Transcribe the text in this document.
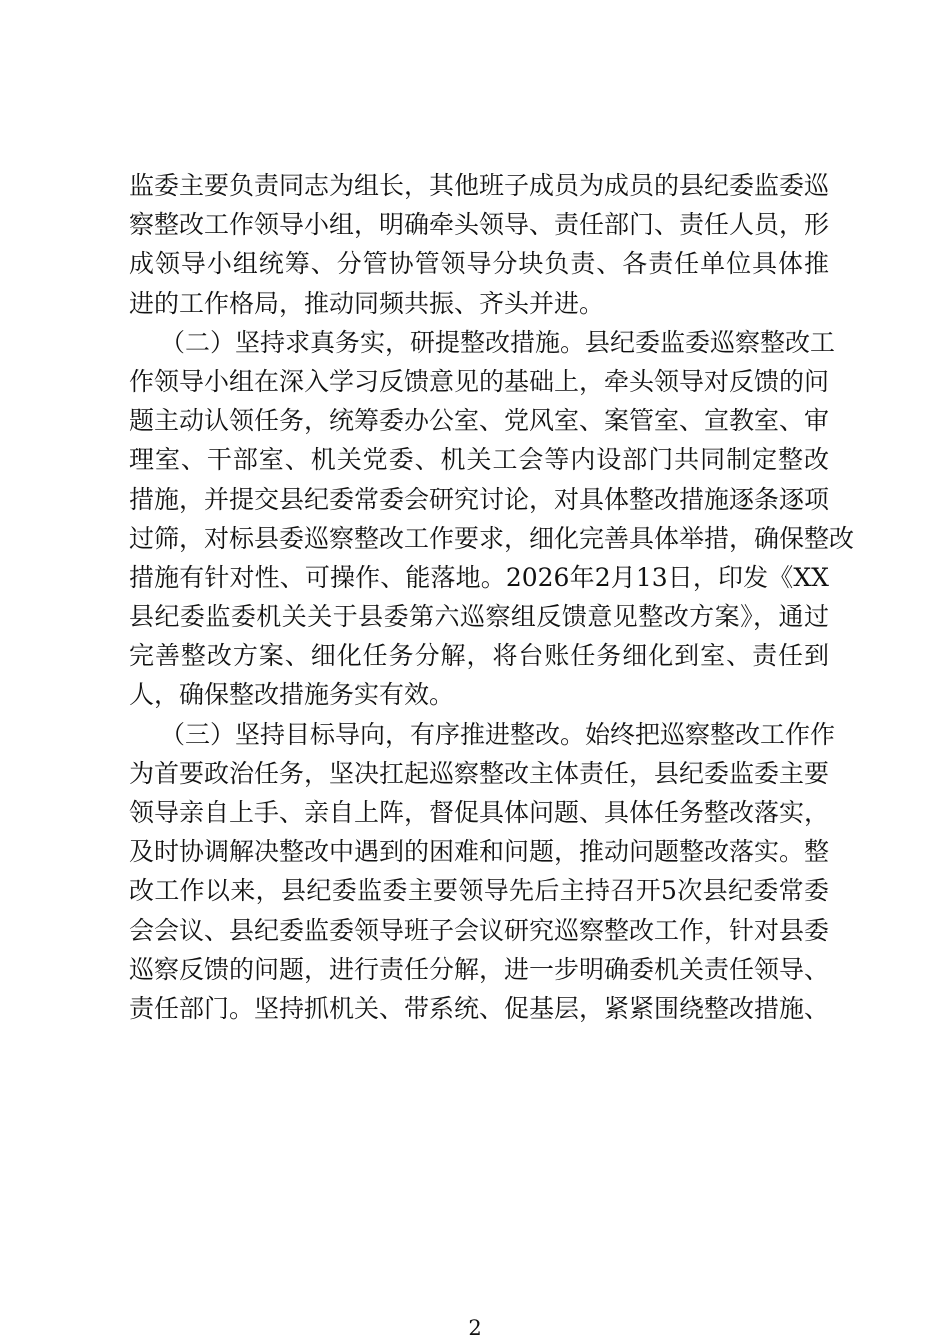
监委主要负责同志为组长，其他班子成员为成员的县纪委监委巡
察整改工作领导小组，明确牵头领导、责任部门、责任人员，形
成领导小组统筹、分管协管领导分块负责、各责任单位具体推
进的工作格局，推动同频共振、齐头并进。
（二）坚持求真务实，研提整改措施。县纪委监委巡察整改工
作领导小组在深入学习反馈意见的基础上，牵头领导对反馈的问
题主动认领任务，统筹委办公室、党风室、案管室、宣教室、审
理室、干部室、机关党委、机关工会等内设部门共同制定整改
措施，并提交县纪委常委会研究讨论，对具体整改措施逐条逐项
过筛，对标县委巡察整改工作要求，细化完善具体举措，确保整改
措施有针对性、可操作、能落地。2026年2月13日，印发《XX
县纪委监委机关关于县委第六巡察组反馈意见整改方案》，通过
完善整改方案、细化任务分解，将台账任务细化到室、责任到
人，确保整改措施务实有效。
（三）坚持目标导向，有序推进整改。始终把巡察整改工作作
为首要政治任务，坚决扛起巡察整改主体责任，县纪委监委主要
领导亲自上手、亲自上阵，督促具体问题、具体任务整改落实，
及时协调解决整改中遇到的困难和问题，推动问题整改落实。整
改工作以来，县纪委监委主要领导先后主持召开5次县纪委常委
会会议、县纪委监委领导班子会议研究巡察整改工作，针对县委
巡察反馈的问题，进行责任分解，进一步明确委机关责任领导、
责任部门。坚持抓机关、带系统、促基层，紧紧围绕整改措施、
2
